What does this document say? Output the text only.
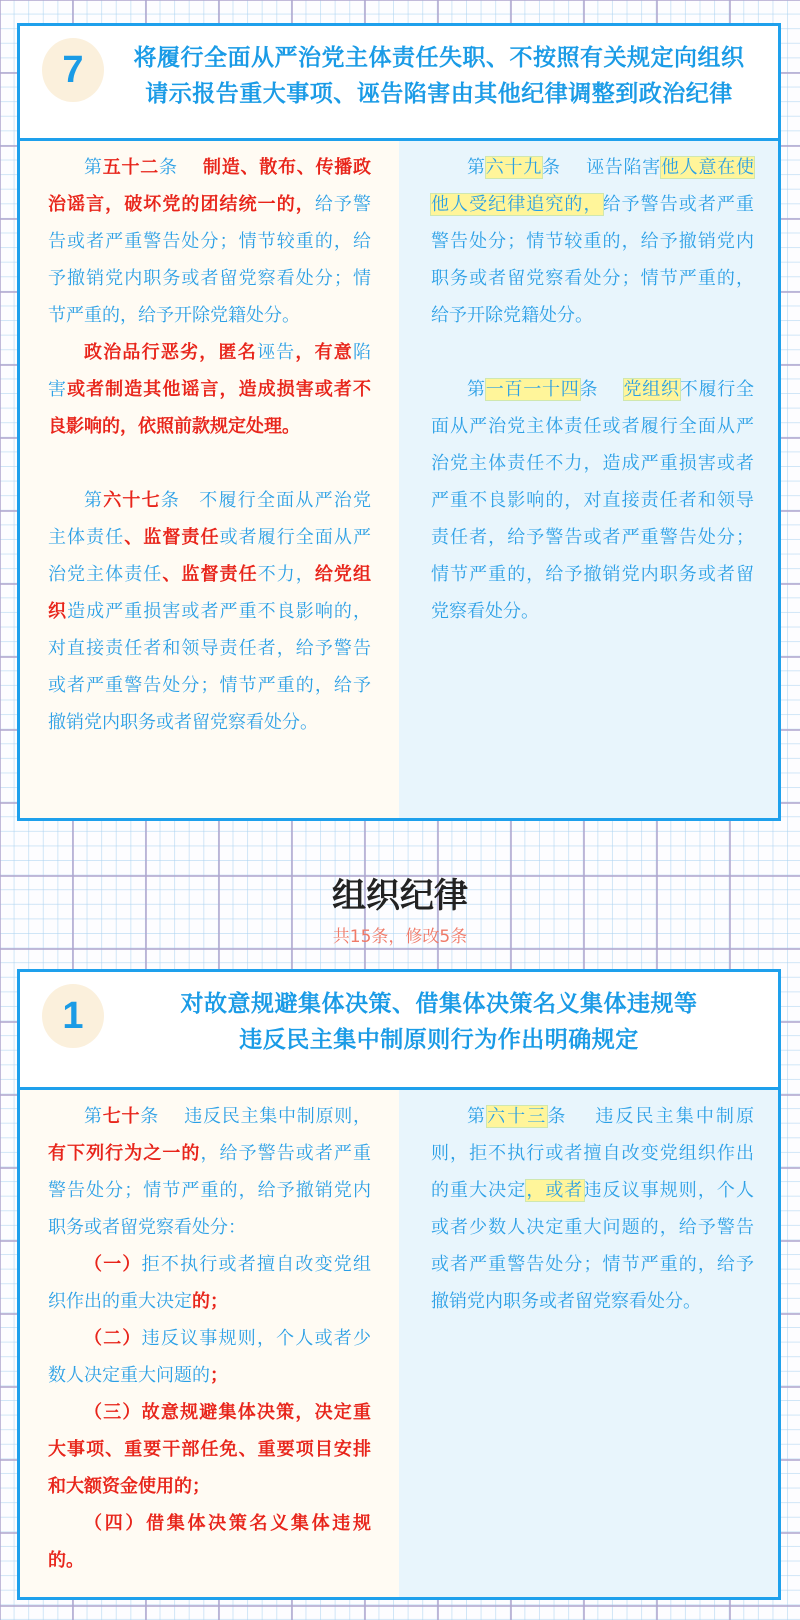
7	将履行全面从严治党主体责任失职、不按照有关规定向组织
请示报告重大事项、诬告陷害由其他纪律调整到政治纪律

第五十二条　 制造、散布、传播政治谣言，破坏党的团结统一的，给予警告或者严重警告处分；情节较重的，给予撤销党内职务或者留党察看处分；情节严重的，给予开除党籍处分。

政治品行恶劣，匿名诬告，有意陷害或者制造其他谣言，造成损害或者不良影响的，依照前款规定处理。

第六十七条　不履行全面从严治党主体责任、监督责任或者履行全面从严治党主体责任、监督责任不力，给党组织造成严重损害或者严重不良影响的，对直接责任者和领导责任者，给予警告或者严重警告处分；情节严重的，给予撤销党内职务或者留党察看处分。

第六十九条　 诬告陷害他人意在使他人受纪律追究的，给予警告或者严重警告处分；情节较重的，给予撤销党内职务或者留党察看处分；情节严重的，给予开除党籍处分。

第一百一十四条　 党组织不履行全面从严治党主体责任或者履行全面从严治党主体责任不力，造成严重损害或者严重不良影响的，对直接责任者和领导责任者，给予警告或者严重警告处分；情节严重的，给予撤销党内职务或者留党察看处分。

组织纪律
共15条，修改5条
1	对故意规避集体决策、借集体决策名义集体违规等
违反民主集中制原则行为作出明确规定

第七十条　 违反民主集中制原则，有下列行为之一的，给予警告或者严重警告处分；情节严重的，给予撤销党内职务或者留党察看处分：

（一）拒不执行或者擅自改变党组织作出的重大决定的；

（二）违反议事规则，个人或者少数人决定重大问题的；

（三）故意规避集体决策，决定重大事项、重要干部任免、重要项目安排和大额资金使用的；

（四）借集体决策名义集体违规的。

第六十三条　 违反民主集中制原则，拒不执行或者擅自改变党组织作出的重大决定，或者违反议事规则，个人或者少数人决定重大问题的，给予警告或者严重警告处分；情节严重的，给予撤销党内职务或者留党察看处分。
